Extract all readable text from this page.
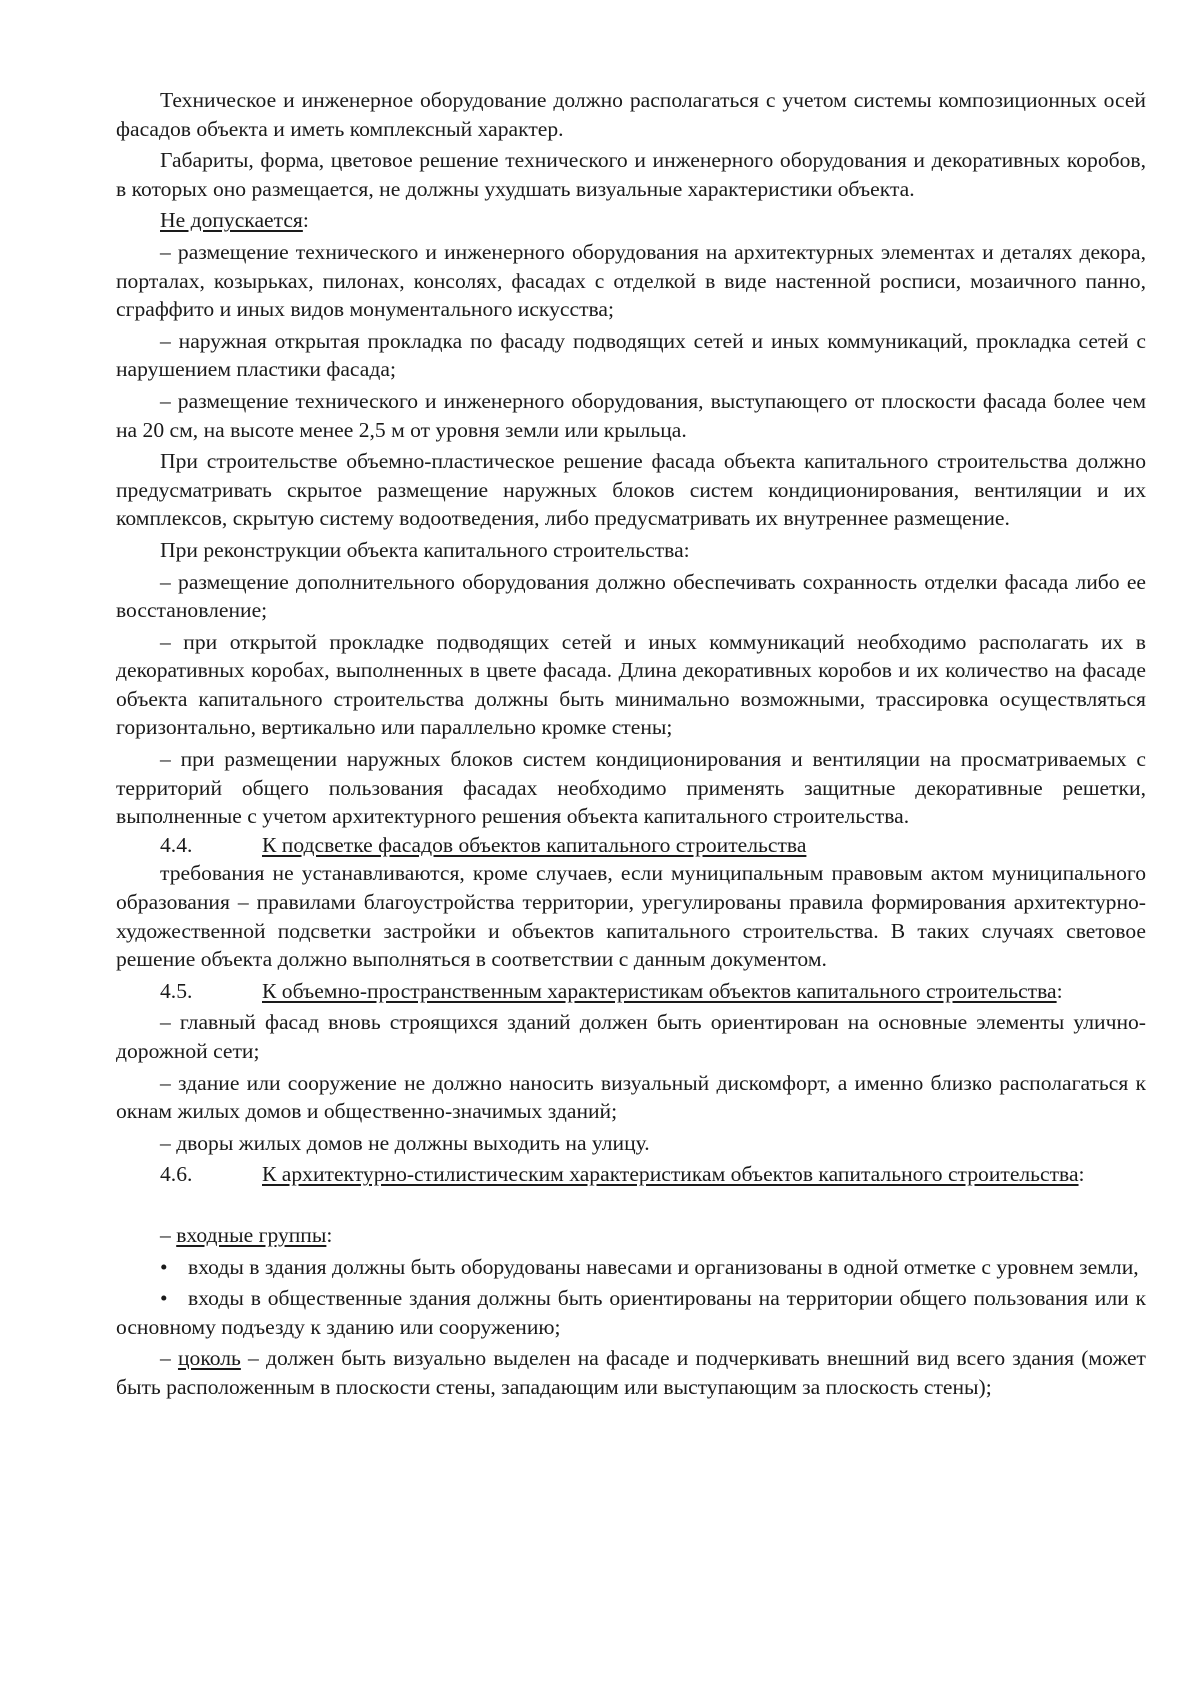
Техническое и инженерное оборудование должно располагаться с учетом системы композиционных осей фасадов объекта и иметь комплексный характер.

Габариты, форма, цветовое решение технического и инженерного оборудования и декоративных коробов, в которых оно размещается, не должны ухудшать визуальные характеристики объекта.

Не допускается:

– размещение технического и инженерного оборудования на архитектурных элементах и деталях декора, порталах, козырьках, пилонах, консолях, фасадах с отделкой в виде настенной росписи, мозаичного панно, сграффито и иных видов монументального искусства;

– наружная открытая прокладка по фасаду подводящих сетей и иных коммуникаций, прокладка сетей с нарушением пластики фасада;

– размещение технического и инженерного оборудования, выступающего от плоскости фасада более чем на 20 см, на высоте менее 2,5 м от уровня земли или крыльца.

При строительстве объемно-пластическое решение фасада объекта капитального строительства должно предусматривать скрытое размещение наружных блоков систем кондиционирования, вентиляции и их комплексов, скрытую систему водоотведения, либо предусматривать их внутреннее размещение.

При реконструкции объекта капитального строительства:

– размещение дополнительного оборудования должно обеспечивать сохранность отделки фасада либо ее восстановление;

– при открытой прокладке подводящих сетей и иных коммуникаций необходимо располагать их в декоративных коробах, выполненных в цвете фасада. Длина декоративных коробов и их количество на фасаде объекта капитального строительства должны быть минимально возможными, трассировка осуществляться горизонтально, вертикально или параллельно кромке стены;

– при размещении наружных блоков систем кондиционирования и вентиляции на просматриваемых с территорий общего пользования фасадах необходимо применять защитные декоративные решетки, выполненные с учетом архитектурного решения объекта капитального строительства.

4.4.	К подсветке фасадов объектов капитального строительства

требования не устанавливаются, кроме случаев, если муниципальным правовым актом муниципального образования – правилами благоустройства территории, урегулированы правила формирования архитектурно-художественной подсветки застройки и объектов капитального строительства. В таких случаях световое решение объекта должно выполняться в соответствии с данным документом.

4.5.	К объемно-пространственным характеристикам объектов капитального строительства:

– главный фасад вновь строящихся зданий должен быть ориентирован на основные элементы улично-дорожной сети;

– здание или сооружение не должно наносить визуальный дискомфорт, а именно близко располагаться к окнам жилых домов и общественно-значимых зданий;

– дворы жилых домов не должны выходить на улицу.

4.6.	К архитектурно-стилистическим характеристикам объектов капитального строительства:

– входные группы:

• входы в здания должны быть оборудованы навесами и организованы в одной отметке с уровнем земли,

• входы в общественные здания должны быть ориентированы на территории общего пользования или к основному подъезду к зданию или сооружению;

– цоколь – должен быть визуально выделен на фасаде и подчеркивать внешний вид всего здания (может быть расположенным в плоскости стены, западающим или выступающим за плоскость стены);
